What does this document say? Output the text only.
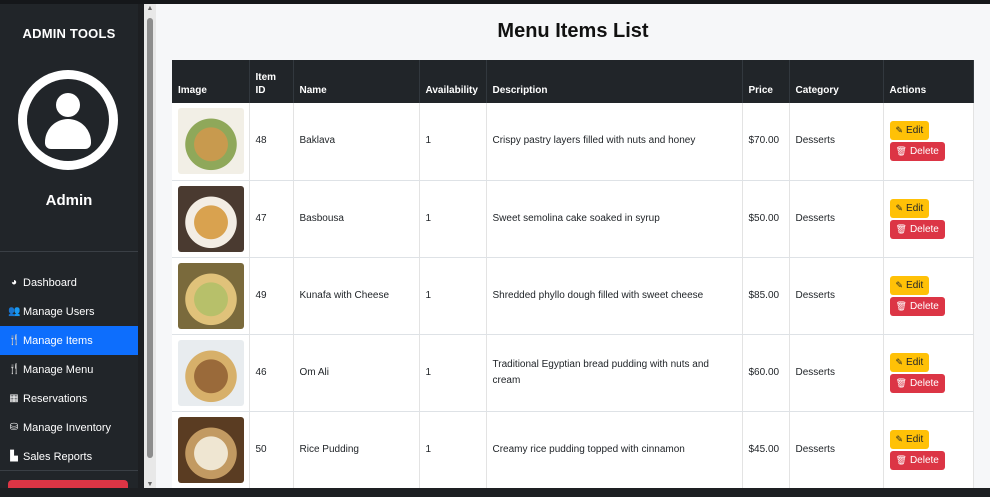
ADMIN TOOLS
Admin
◕ Dashboard
👥 Manage Users
🍴 Manage Items
🍴 Manage Menu
▦ Reservations
⛁ Manage Inventory
▙ Sales Reports
▲
▼
Menu Items List
Image	Item ID	Name	Availability	Description	Price	Category	Actions

	48	Baklava	1	Crispy pastry layers filled with nuts and honey	$70.00	Desserts	✎ Edit
🗑 Delete

	47	Basbousa	1	Sweet semolina cake soaked in syrup	$50.00	Desserts	✎ Edit
🗑 Delete

	49	Kunafa with Cheese	1	Shredded phyllo dough filled with sweet cheese	$85.00	Desserts	✎ Edit
🗑 Delete

	46	Om Ali	1	Traditional Egyptian bread pudding with nuts and cream	$60.00	Desserts	✎ Edit
🗑 Delete

	50	Rice Pudding	1	Creamy rice pudding topped with cinnamon	$45.00	Desserts	✎ Edit
🗑 Delete
